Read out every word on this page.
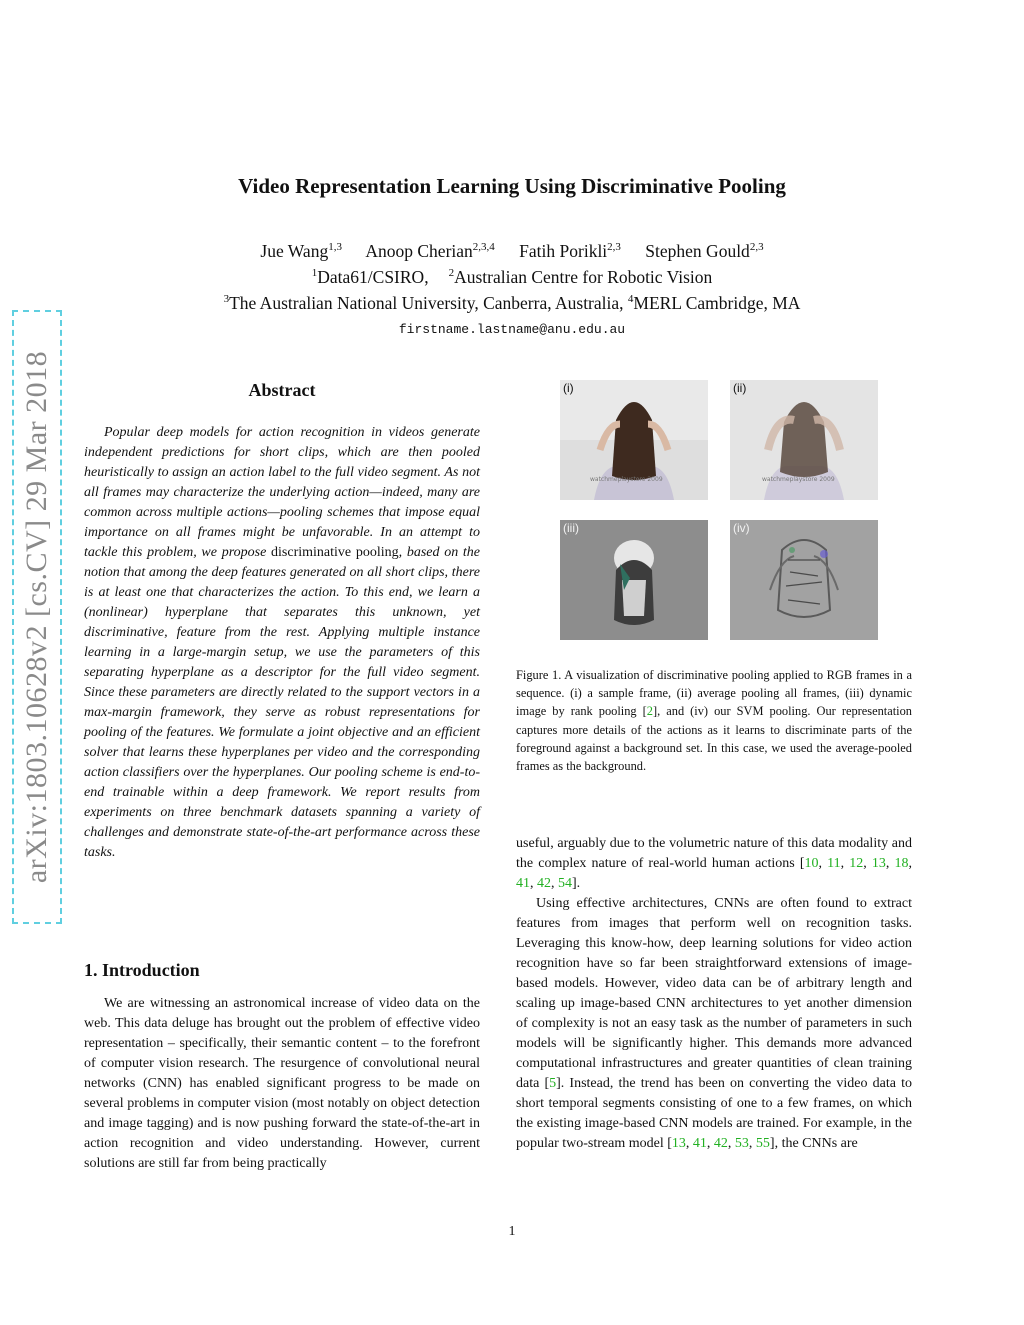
arXiv:1803.10628v2 [cs.CV] 29 Mar 2018
Video Representation Learning Using Discriminative Pooling
Jue Wang$^{1,3}$ Anoop Cherian$^{2,3,4}$ Fatih Porikli$^{2,3}$ Stephen Gould$^{2,3}$
$^1$Data61/CSIRO, $^2$Australian Centre for Robotic Vision
$^3$The Australian National University, Canberra, Australia, $^4$MERL Cambridge, MA
firstname.lastname@anu.edu.au
Abstract
Popular deep models for action recognition in videos generate independent predictions for short clips, which are then pooled heuristically to assign an action label to the full video segment. As not all frames may characterize the underlying action—indeed, many are common across multiple actions—pooling schemes that impose equal importance on all frames might be unfavorable. In an attempt to tackle this problem, we propose discriminative pooling, based on the notion that among the deep features generated on all short clips, there is at least one that characterizes the action. To this end, we learn a (nonlinear) hyperplane that separates this unknown, yet discriminative, feature from the rest. Applying multiple instance learning in a large-margin setup, we use the parameters of this separating hyperplane as a descriptor for the full video segment. Since these parameters are directly related to the support vectors in a max-margin framework, they serve as robust representations for pooling of the features. We formulate a joint objective and an efficient solver that learns these hyperplanes per video and the corresponding action classifiers over the hyperplanes. Our pooling scheme is end-to-end trainable within a deep framework. We report results from experiments on three benchmark datasets spanning a variety of challenges and demonstrate state-of-the-art performance across these tasks.
1. Introduction
We are witnessing an astronomical increase of video data on the web. This data deluge has brought out the problem of effective video representation – specifically, their semantic content – to the forefront of computer vision research. The resurgence of convolutional neural networks (CNN) has enabled significant progress to be made on several problems in computer vision (most notably on object detection and image tagging) and is now pushing forward the state-of-the-art in action recognition and video understanding. However, current solutions are still far from being practically
(i)
watchmeplaystore 2009
(ii)
watchmeplaystore 2009
(iii)	(iv)
Figure 1. A visualization of discriminative pooling applied to RGB frames in a sequence. (i) a sample frame, (ii) average pooling all frames, (iii) dynamic image by rank pooling [2], and (iv) our SVM pooling. Our representation captures more details of the actions as it learns to discriminate parts of the foreground against a background set. In this case, we used the average-pooled frames as the background.

useful, arguably due to the volumetric nature of this data modality and the complex nature of real-world human actions [10, 11, 12, 13, 18, 41, 42, 54].

Using effective architectures, CNNs are often found to extract features from images that perform well on recognition tasks. Leveraging this know-how, deep learning solutions for video action recognition have so far been straightforward extensions of image-based models. However, video data can be of arbitrary length and scaling up image-based CNN architectures to yet another dimension of complexity is not an easy task as the number of parameters in such models will be significantly higher. This demands more advanced computational infrastructures and greater quantities of clean training data [5]. Instead, the trend has been on converting the video data to short temporal segments consisting of one to a few frames, on which the existing image-based CNN models are trained. For example, in the popular two-stream model [13, 41, 42, 53, 55], the CNNs are

1
